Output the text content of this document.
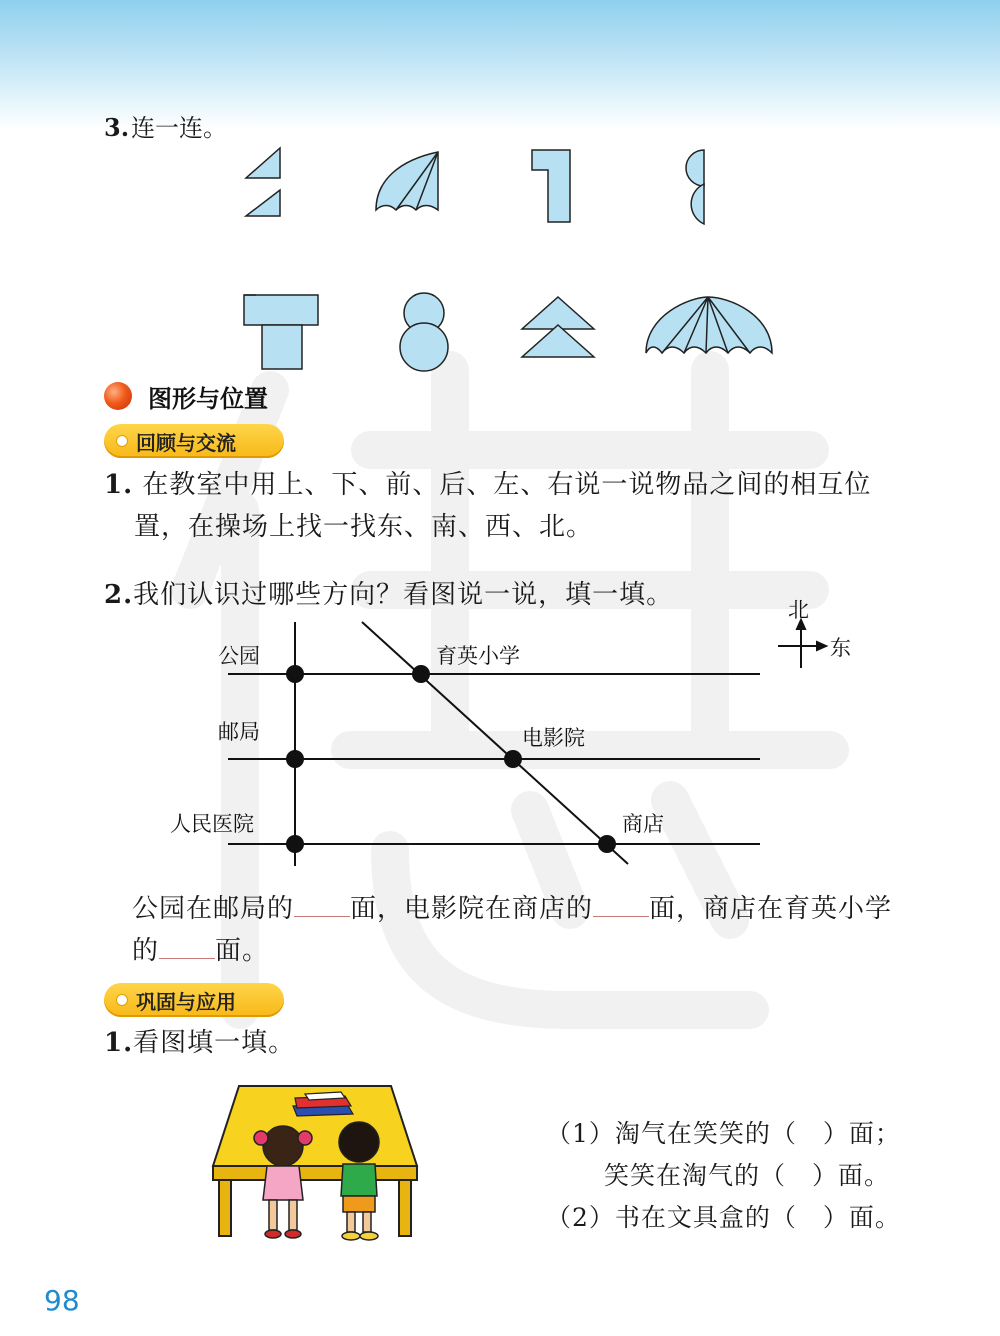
3.连一连。
图形与位置
回顾与交流
1. 在教室中用上、下、前、后、左、右说一说物品之间的相互位
置，在操场上找一找东、南、西、北。
2.我们认识过哪些方向？看图说一说，填一填。
公园
邮局
人民医院
育英小学
电影院
商店
北
东
公园在邮局的 面，电影院在商店的 面，商店在育英小学
的 面。
巩固与应用
1.看图填一填。
（1）淘气在笑笑的（　）面；
笑笑在淘气的（　）面。
（2）书在文具盒的（　）面。
98
